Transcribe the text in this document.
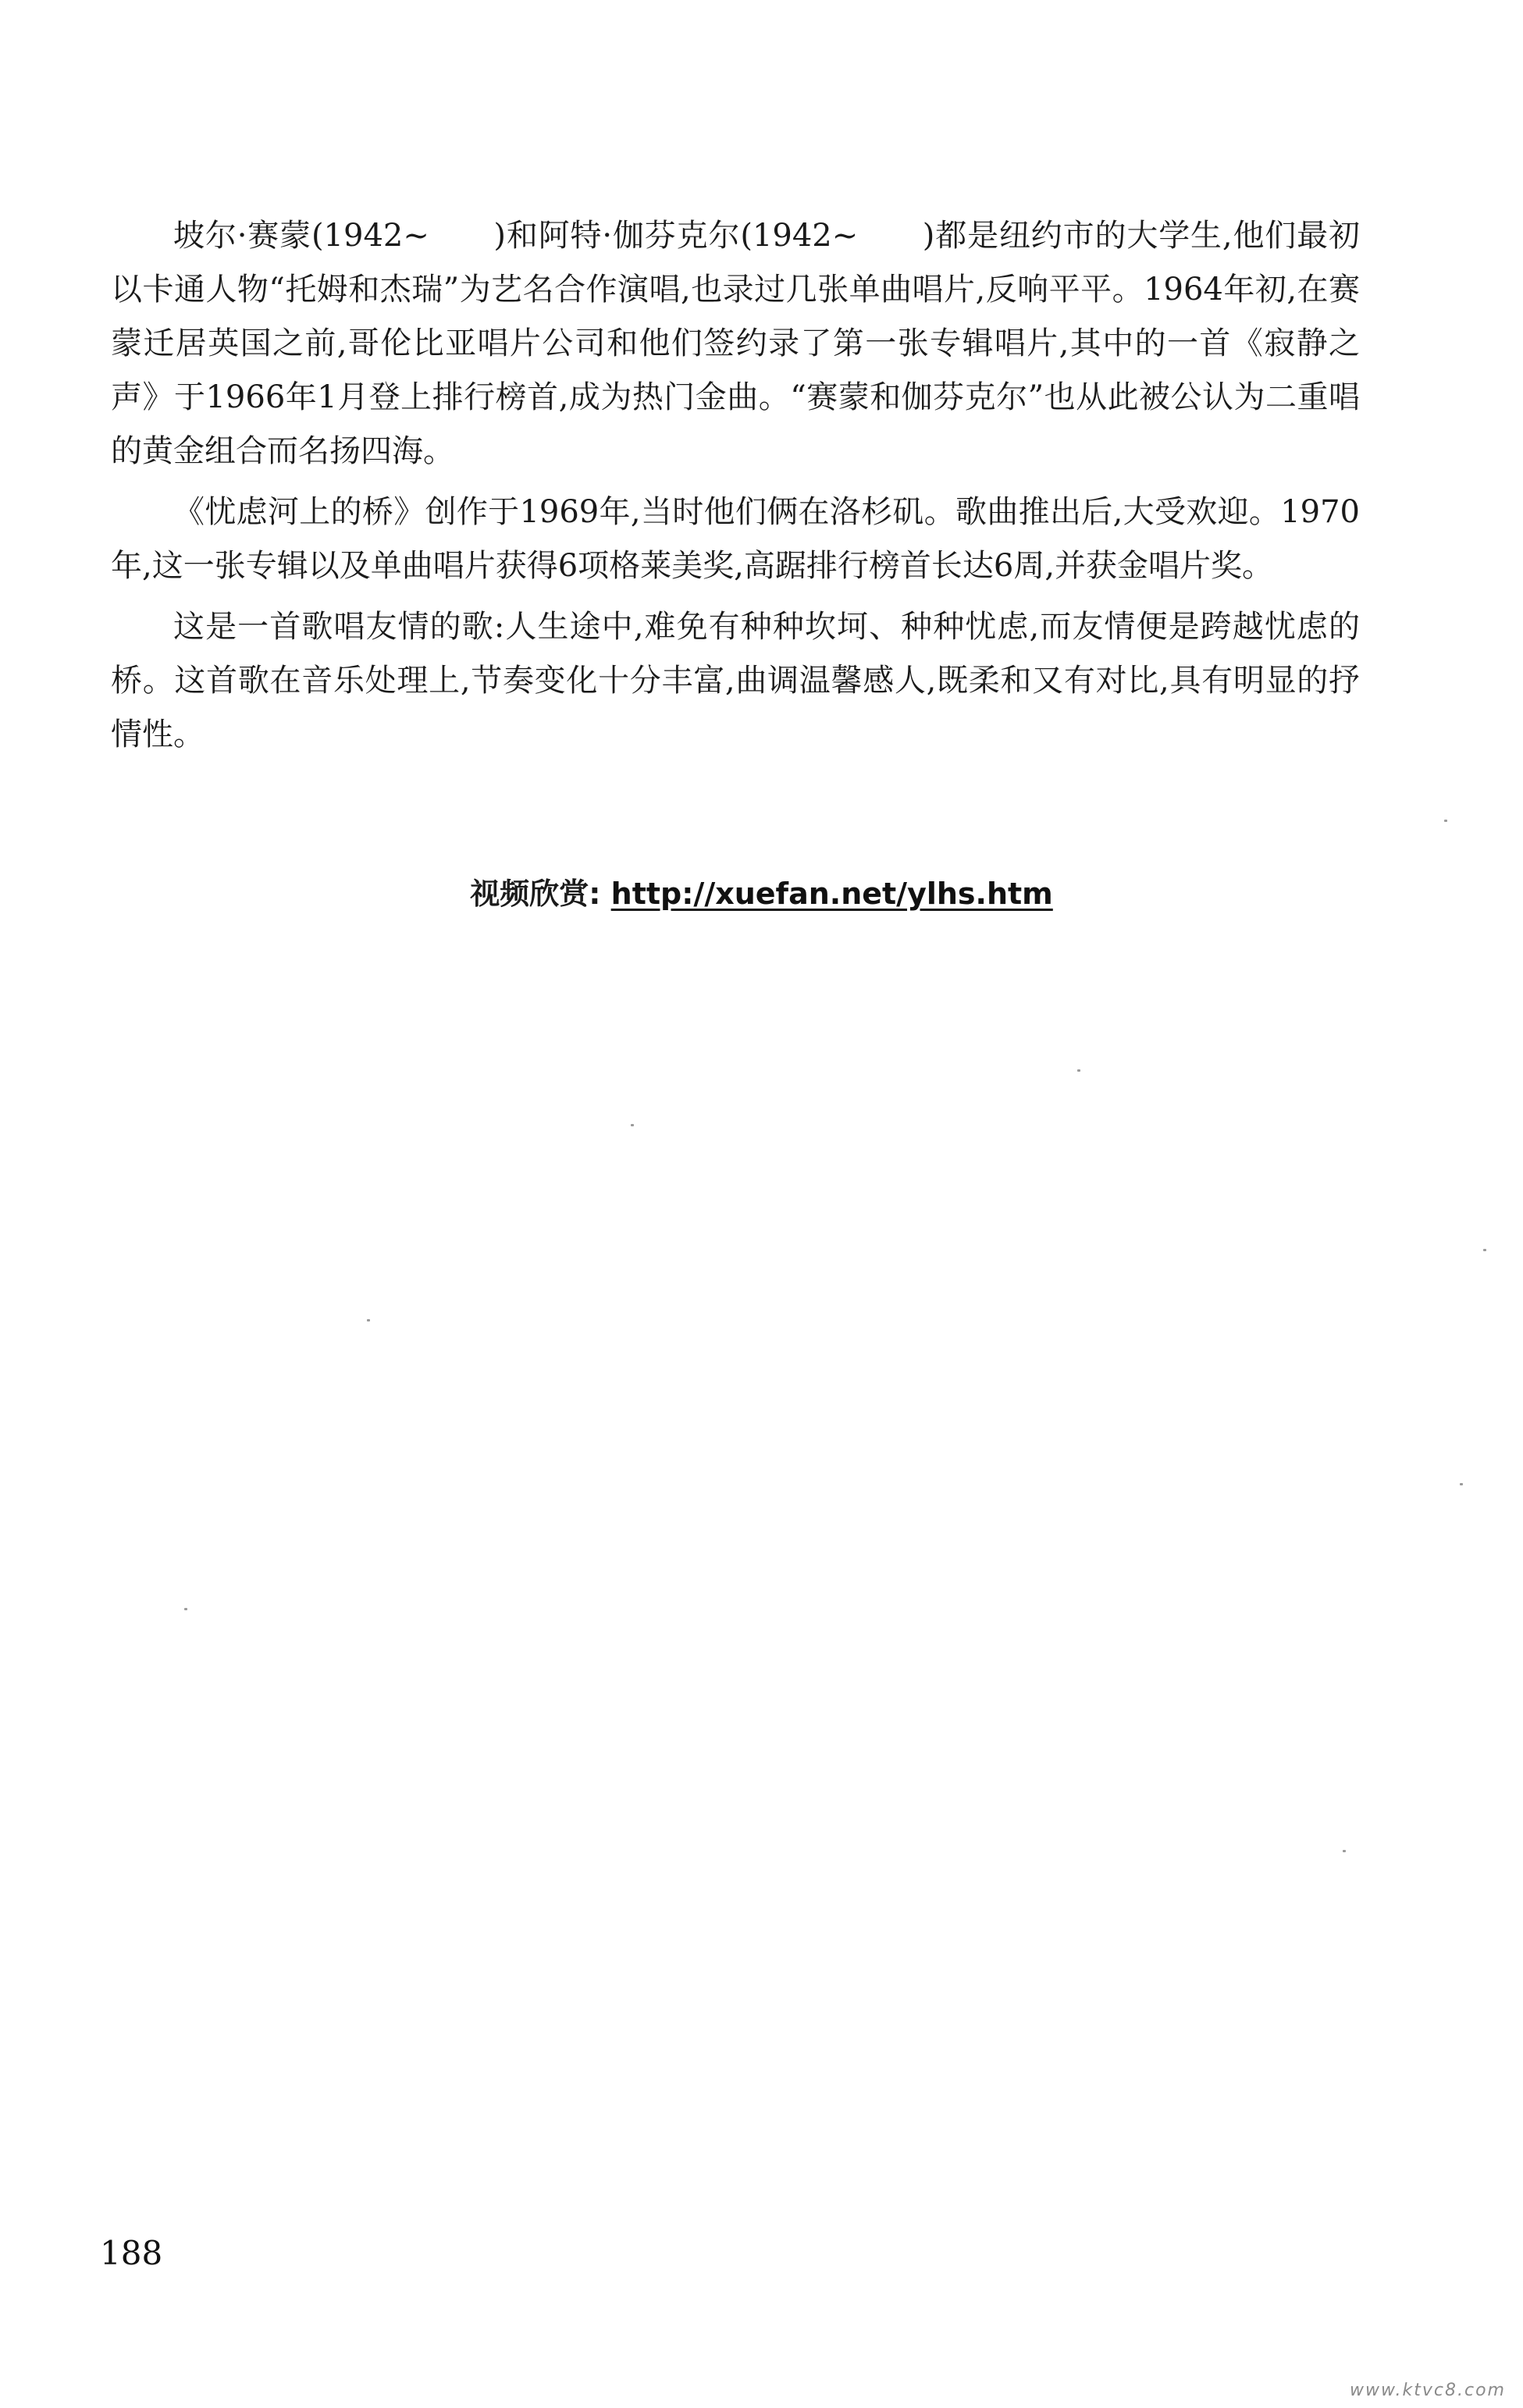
坡尔·赛蒙(1942~　　)和阿特·伽芬克尔(1942~　　)都是纽约市的大学生,他们最初以卡通人物“托姆和杰瑞”为艺名合作演唱,也录过几张单曲唱片,反响平平。1964年初,在赛蒙迁居英国之前,哥伦比亚唱片公司和他们签约录了第一张专辑唱片,其中的一首《寂静之声》于1966年1月登上排行榜首,成为热门金曲。“赛蒙和伽芬克尔”也从此被公认为二重唱的黄金组合而名扬四海。

《忧虑河上的桥》创作于1969年,当时他们俩在洛杉矶。歌曲推出后,大受欢迎。1970年,这一张专辑以及单曲唱片获得6项格莱美奖,高踞排行榜首长达6周,并获金唱片奖。

这是一首歌唱友情的歌:人生途中,难免有种种坎坷、种种忧虑,而友情便是跨越忧虑的桥。这首歌在音乐处理上,节奏变化十分丰富,曲调温馨感人,既柔和又有对比,具有明显的抒情性。

视频欣赏: http://xuefan.net/ylhs.htm
188
www.ktvc8.com
